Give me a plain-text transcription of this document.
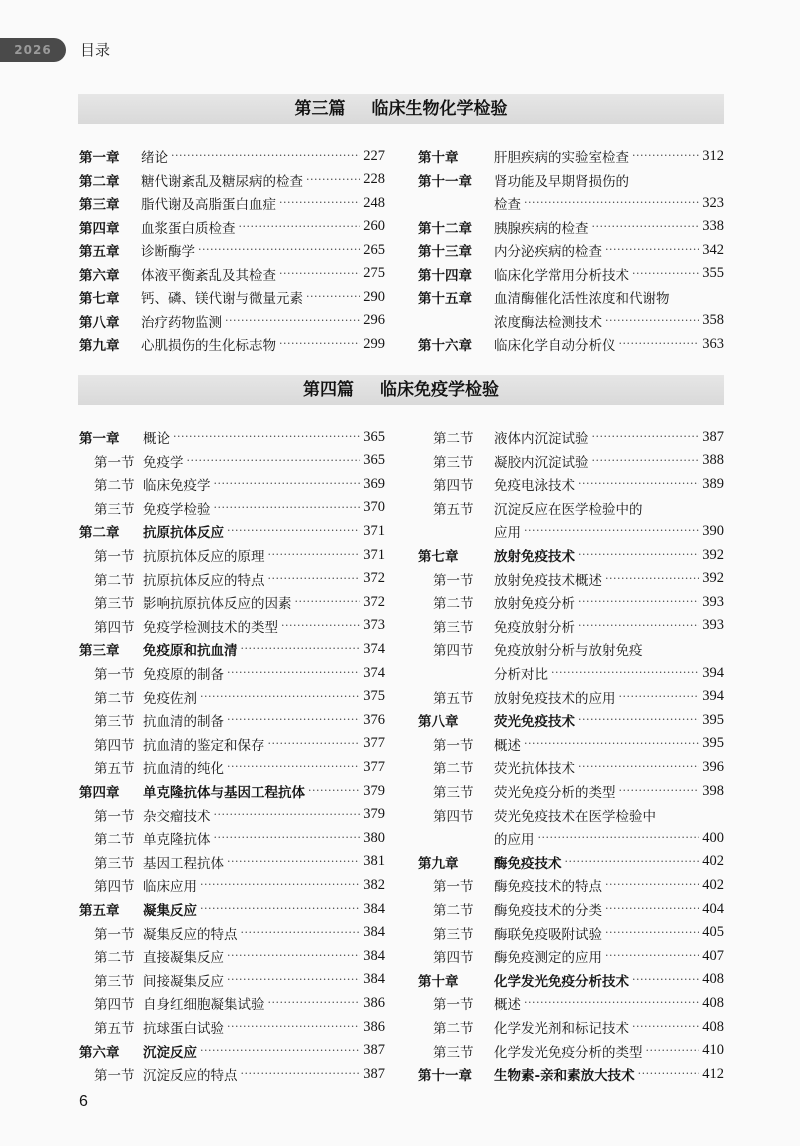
2026	目录
第三篇 临床生物化学检验
第一章	绪论 ·····	227
第二章	糖代谢紊乱及糖尿病的检查 ·····	228
第三章	脂代谢及高脂蛋白血症 ·····	248
第四章	血浆蛋白质检查 ·····	260
第五章	诊断酶学 ·····	265
第六章	体液平衡紊乱及其检查 ·····	275
第七章	钙、磷、镁代谢与微量元素 ·····	290
第八章	治疗药物监测 ·····	296
第九章	心肌损伤的生化标志物 ·····	299
第十章	肝胆疾病的实验室检查 ·····	312
第十一章	肾功能及早期肾损伤的
检查 ·····	323
第十二章	胰腺疾病的检查 ·····	338
第十三章	内分泌疾病的检查 ·····	342
第十四章	临床化学常用分析技术 ·····	355
第十五章	血清酶催化活性浓度和代谢物
浓度酶法检测技术 ·····	358
第十六章	临床化学自动分析仪 ·····	363
第四篇 临床免疫学检验
第一章	概论 ·····	365
第一节 免疫学 ·····	365
第二节 临床免疫学 ·····	369
第三节 免疫学检验 ·····	370
第二章	抗原抗体反应 ·····	371
第一节 抗原抗体反应的原理 ·····	371
第二节 抗原抗体反应的特点 ·····	372
第三节 影响抗原抗体反应的因素 ·····	372
第四节 免疫学检测技术的类型 ·····	373
第三章	免疫原和抗血清 ·····	374
第一节 免疫原的制备 ·····	374
第二节 免疫佐剂 ·····	375
第三节 抗血清的制备 ·····	376
第四节 抗血清的鉴定和保存 ·····	377
第五节 抗血清的纯化 ·····	377
第四章	单克隆抗体与基因工程抗体 ·····	379
第一节 杂交瘤技术 ·····	379
第二节 单克隆抗体 ·····	380
第三节 基因工程抗体 ·····	381
第四节 临床应用 ·····	382
第五章	凝集反应 ·····	384
第一节 凝集反应的特点 ·····	384
第二节 直接凝集反应 ·····	384
第三节 间接凝集反应 ·····	384
第四节 自身红细胞凝集试验 ·····	386
第五节 抗球蛋白试验 ·····	386
第六章	沉淀反应 ·····	387
第一节 沉淀反应的特点 ·····	387
第二节	液体内沉淀试验 ·····	387
第三节	凝胶内沉淀试验 ·····	388
第四节	免疫电泳技术 ·····	389
第五节	沉淀反应在医学检验中的
应用 ·····	390
第七章	放射免疫技术 ·····	392
第一节	放射免疫技术概述 ·····	392
第二节	放射免疫分析 ·····	393
第三节	免疫放射分析 ·····	393
第四节	免疫放射分析与放射免疫
分析对比 ·····	394
第五节	放射免疫技术的应用 ·····	394
第八章	荧光免疫技术 ·····	395
第一节	概述 ·····	395
第二节	荧光抗体技术 ·····	396
第三节	荧光免疫分析的类型 ·····	398
第四节	荧光免疫技术在医学检验中
的应用 ·····	400
第九章	酶免疫技术 ·····	402
第一节	酶免疫技术的特点 ·····	402
第二节	酶免疫技术的分类 ·····	404
第三节	酶联免疫吸附试验 ·····	405
第四节	酶免疫测定的应用 ·····	407
第十章	化学发光免疫分析技术 ·····	408
第一节	概述 ·····	408
第二节	化学发光剂和标记技术 ·····	408
第三节	化学发光免疫分析的类型 ·····	410
第十一章	生物素-亲和素放大技术 ·····	412
6
